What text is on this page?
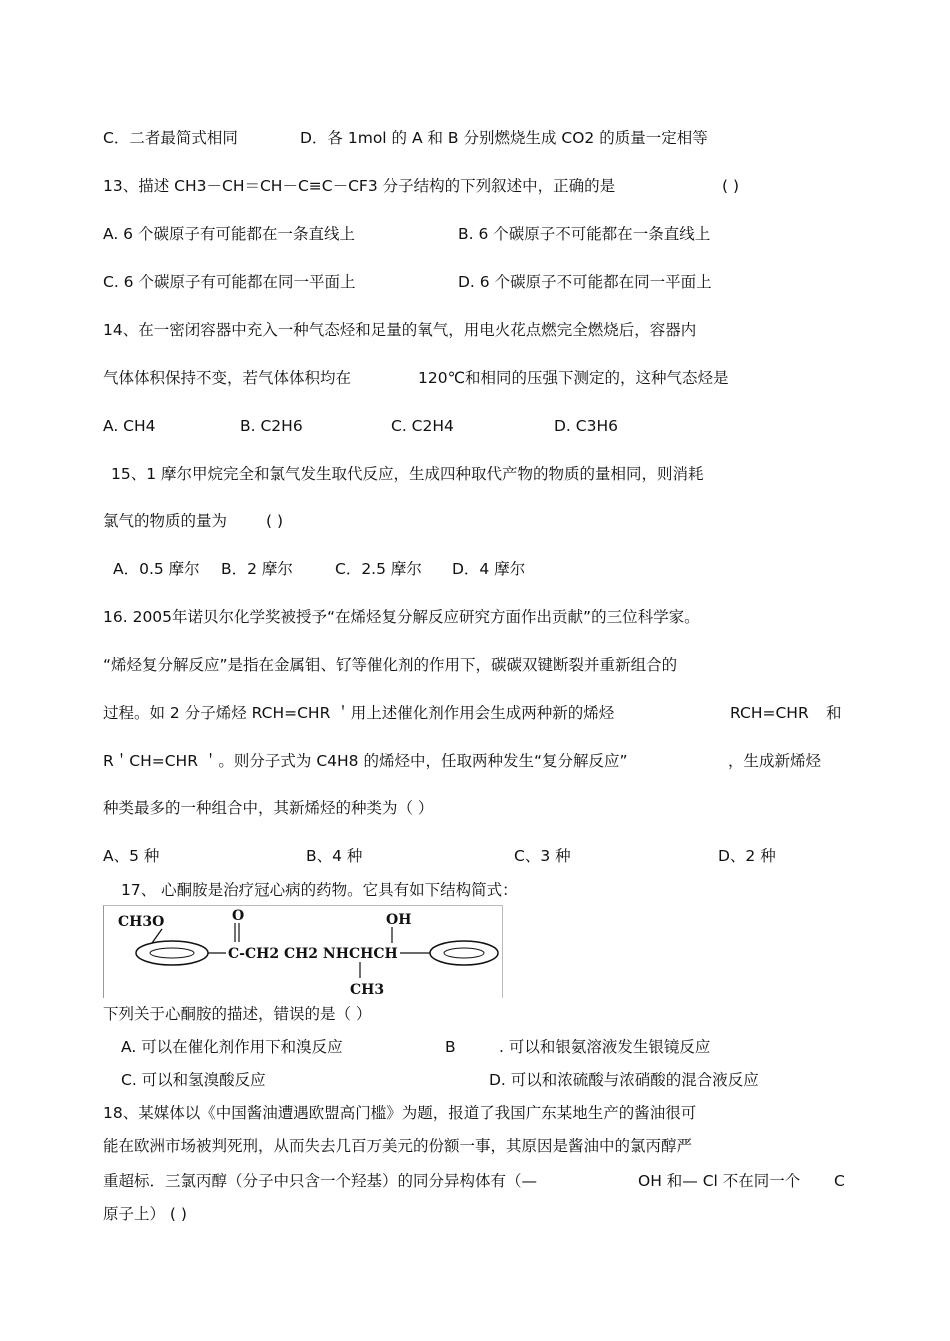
C．二者最简式相同	D．各 1mol 的 A 和 B 分别燃烧生成 CO2 的质量一定相等
13、描述 CH3－CH＝CH－C≡C－CF3 分子结构的下列叙述中，正确的是	( )
A. 6 个碳原子有可能都在一条直线上	B. 6 个碳原子不可能都在一条直线上
C. 6 个碳原子有可能都在同一平面上	D. 6 个碳原子不可能都在同一平面上
14、在一密闭容器中充入一种气态烃和足量的氧气，用电火花点燃完全燃烧后，容器内
气体体积保持不变，若气体体积均在	120℃和相同的压强下测定的，这种气态烃是
A. CH4	B. C2H6	C. C2H4	D. C3H6
15、1 摩尔甲烷完全和氯气发生取代反应，生成四种取代产物的物质的量相同，则消耗
氯气的物质的量为	( )
A．0.5 摩尔 B．2 摩尔	C．2.5 摩尔 D．4 摩尔
16. 2005年诺贝尔化学奖被授予“在烯烃复分解反应研究方面作出贡献”的三位科学家。
“烯烃复分解反应”是指在金属钼、钌等催化剂的作用下，碳碳双键断裂并重新组合的
过程。如 2 分子烯烃 RCH=CHR ＇用上述催化剂作用会生成两种新的烯烃	RCH=CHR 和
R＇CH=CHR ＇。则分子式为 C4H8 的烯烃中，任取两种发生“复分解反应”	，生成新烯烃
种类最多的一种组合中，其新烯烃的种类为（ ）
A、5 种	B、4 种	C、3 种	D、2 种
17、 心酮胺是治疗冠心病的药物。它具有如下结构简式：
CH3O	O
C-CH2 CH2 NHCHCH
OH
CH3
下列关于心酮胺的描述，错误的是（ ）
A. 可以在催化剂作用下和溴反应	B	. 可以和银氨溶液发生银镜反应
C. 可以和氢溴酸反应	D. 可以和浓硫酸与浓硝酸的混合液反应
18、某媒体以《中国酱油遭遇欧盟高门槛》为题，报道了我国广东某地生产的酱油很可
能在欧洲市场被判死刑，从而失去几百万美元的份额一事，其原因是酱油中的氯丙醇严
重超标．三氯丙醇（分子中只含一个羟基）的同分异构体有（—	OH 和— Cl 不在同一个 C
原子上） ( )
